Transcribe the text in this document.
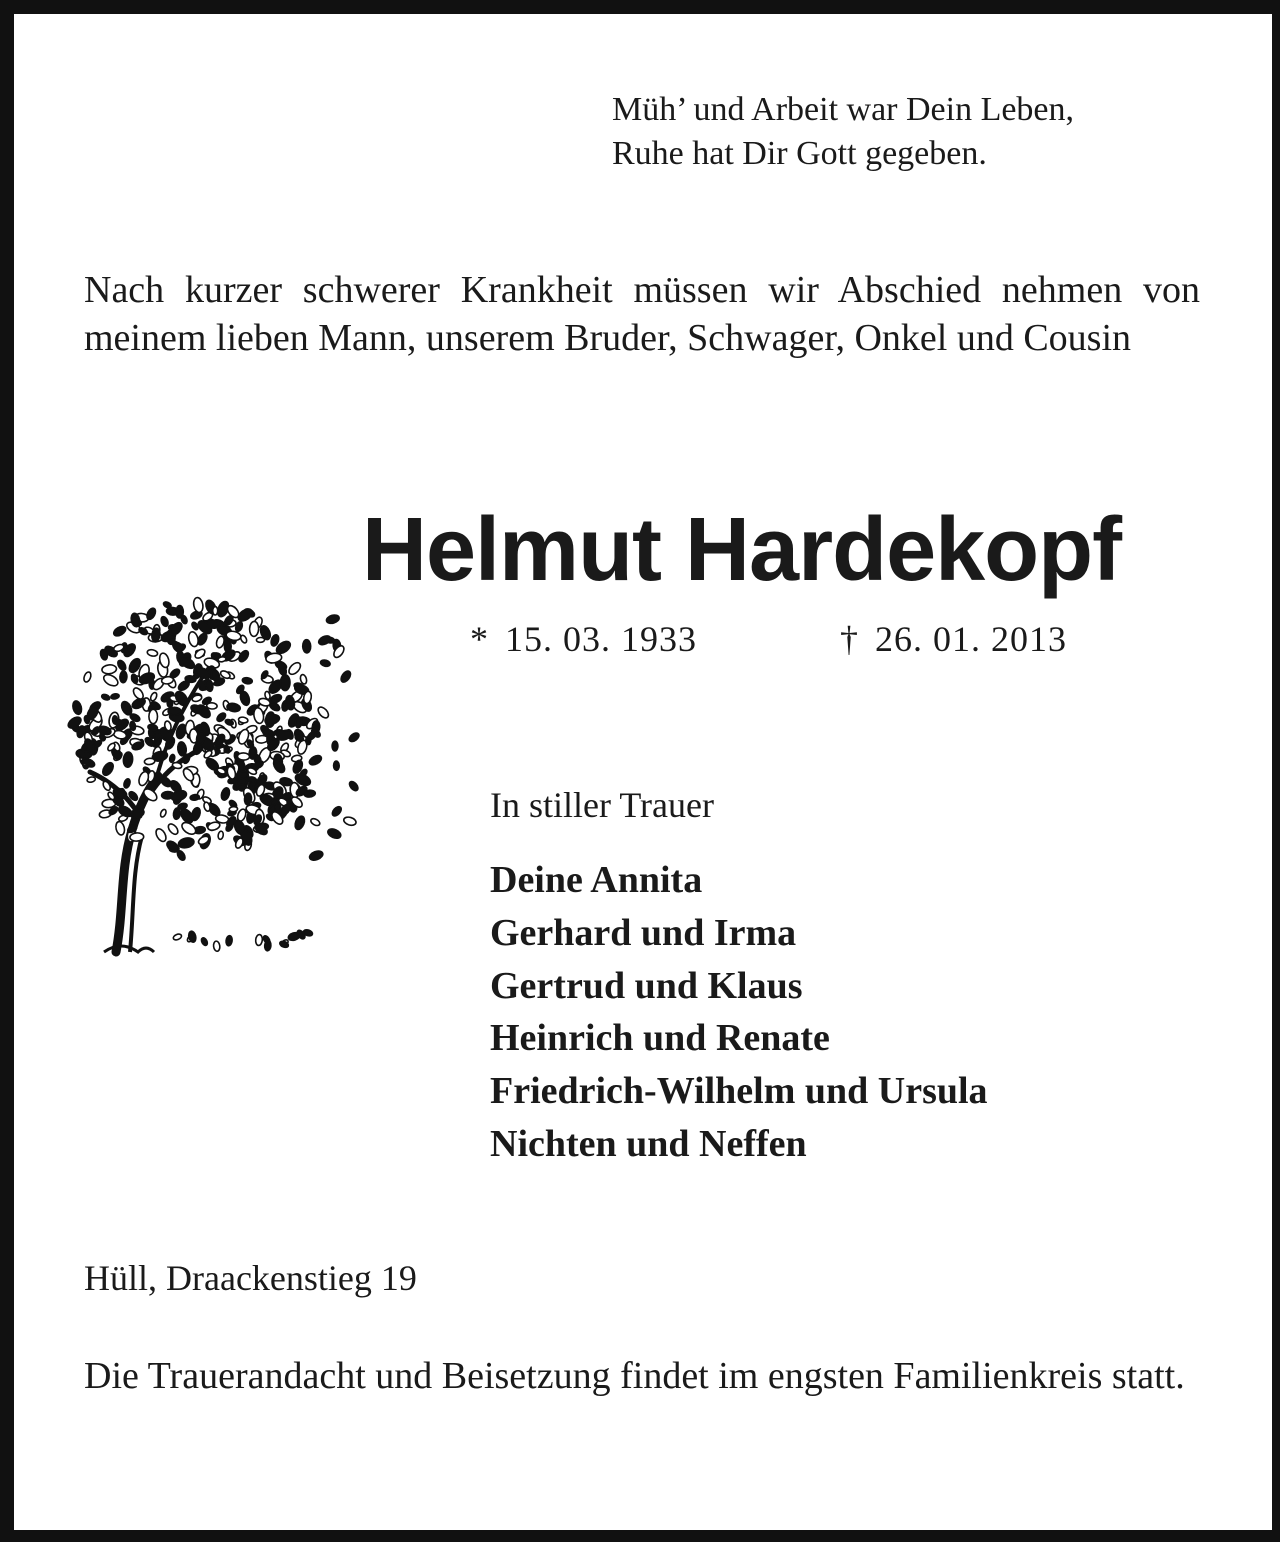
Müh’ und Arbeit war Dein Leben,
Ruhe hat Dir Gott gegeben.

Nach kurzer schwerer Krankheit müssen wir Abschied nehmen von meinem lieben Mann, unserem Bruder, Schwager, Onkel und Cousin

Helmut Hardekopf
* 15. 03. 1933	† 26. 01. 2013

In stiller Trauer

Deine Annita
Gerhard und Irma
Gertrud und Klaus
Heinrich und Renate
Friedrich-Wilhelm und Ursula
Nichten und Neffen

Hüll, Draackenstieg 19

Die Trauerandacht und Beisetzung findet im engsten Familienkreis statt.
